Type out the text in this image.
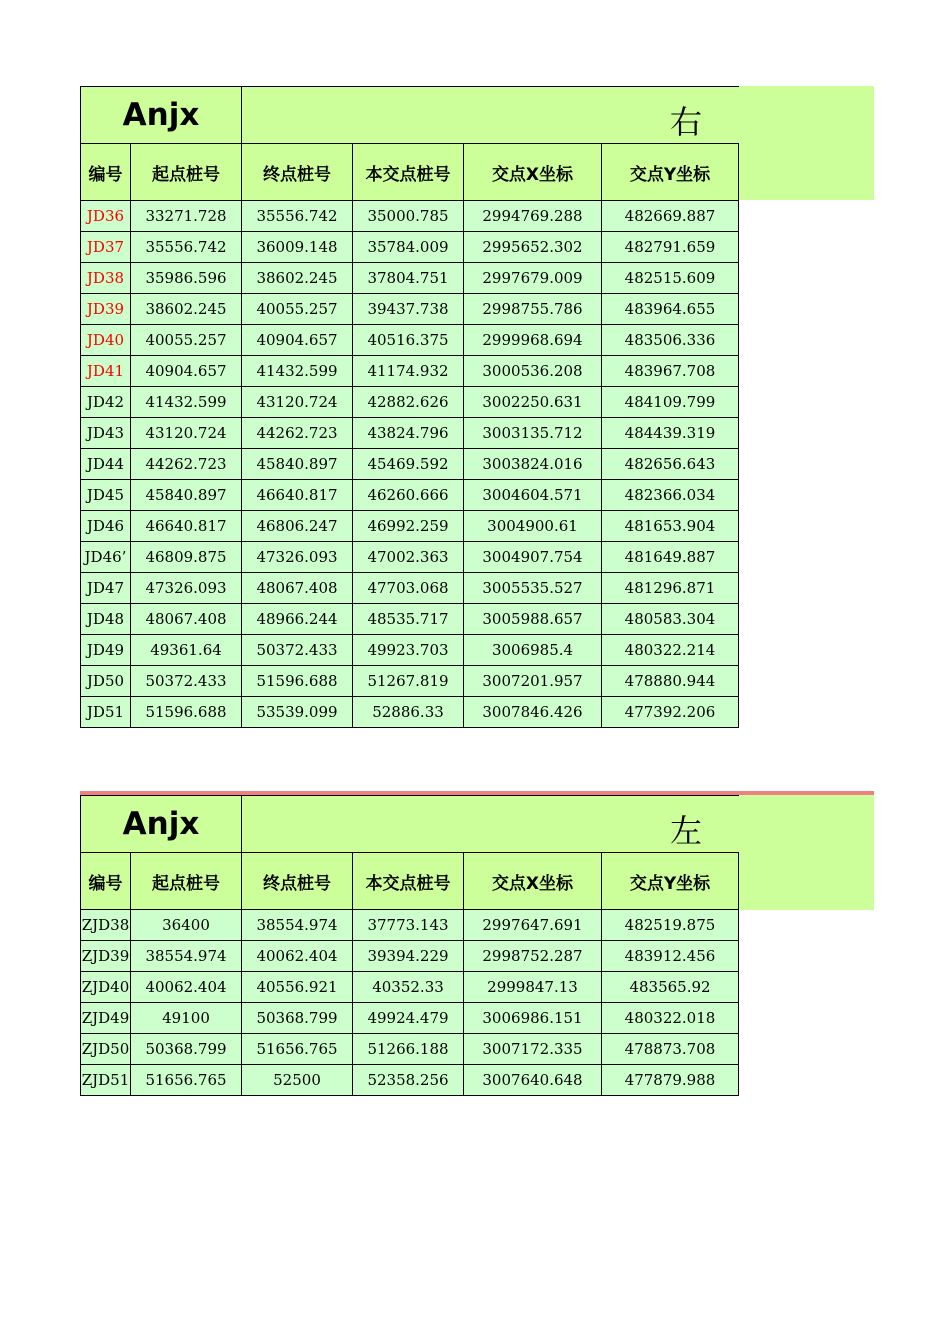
Anjx		右			

编号	起点桩号	终点桩号	本交点桩号	交点X坐标	交点Y坐标
JD36	33271.728	35556.742	35000.785	2994769.288	482669.887
JD37	35556.742	36009.148	35784.009	2995652.302	482791.659
JD38	35986.596	38602.245	37804.751	2997679.009	482515.609
JD39	38602.245	40055.257	39437.738	2998755.786	483964.655
JD40	40055.257	40904.657	40516.375	2999968.694	483506.336
JD41	40904.657	41432.599	41174.932	3000536.208	483967.708
JD42	41432.599	43120.724	42882.626	3002250.631	484109.799
JD43	43120.724	44262.723	43824.796	3003135.712	484439.319
JD44	44262.723	45840.897	45469.592	3003824.016	482656.643
JD45	45840.897	46640.817	46260.666	3004604.571	482366.034
JD46	46640.817	46806.247	46992.259	3004900.61	481653.904
JD46’	46809.875	47326.093	47002.363	3004907.754	481649.887
JD47	47326.093	48067.408	47703.068	3005535.527	481296.871
JD48	48067.408	48966.244	48535.717	3005988.657	480583.304
JD49	49361.64	50372.433	49923.703	3006985.4	480322.214
JD50	50372.433	51596.688	51267.819	3007201.957	478880.944
JD51	51596.688	53539.099	52886.33	3007846.426	477392.206
Anjx		左			

编号	起点桩号	终点桩号	本交点桩号	交点X坐标	交点Y坐标
ZJD38	36400	38554.974	37773.143	2997647.691	482519.875
ZJD39	38554.974	40062.404	39394.229	2998752.287	483912.456
ZJD40	40062.404	40556.921	40352.33	2999847.13	483565.92
ZJD49	49100	50368.799	49924.479	3006986.151	480322.018
ZJD50	50368.799	51656.765	51266.188	3007172.335	478873.708
ZJD51	51656.765	52500	52358.256	3007640.648	477879.988
